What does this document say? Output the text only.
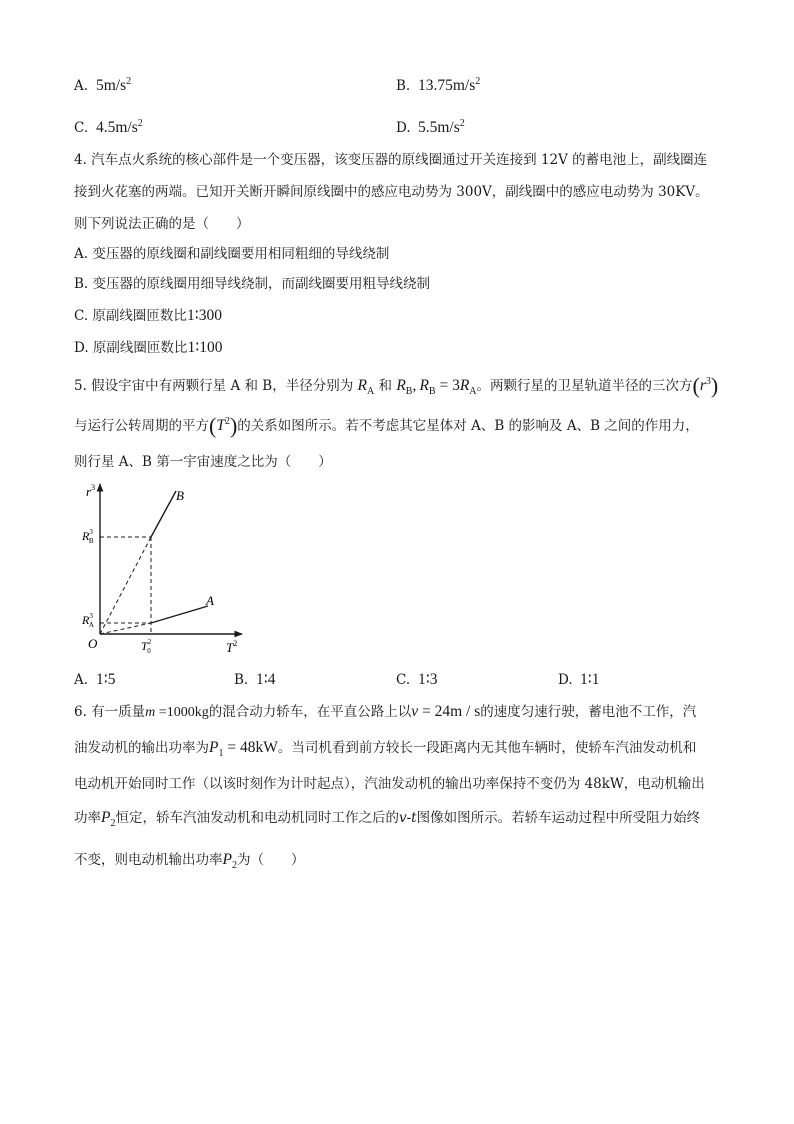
A. $5m/s^2$	B. $13.75m/s^2$
C. $4.5m/s^2$	D. $5.5m/s^2$
4. 汽车点火系统的核心部件是一个变压器，该变压器的原线圈通过开关连接到 12V 的蓄电池上，副线圈连
接到火花塞的两端。已知开关断开瞬间原线圈中的感应电动势为 300V，副线圈中的感应电动势为 30KV。
则下列说法正确的是（　　）
A. 变压器的原线圈和副线圈要用相同粗细的导线绕制
B. 变压器的原线圈用细导线绕制，而副线圈要用粗导线绕制
C. 原副线圈匝数比1∶300
D. 原副线圈匝数比1∶100
5. 假设宇宙中有两颗行星 A 和 B，半径分别为 $R_A$ 和 $R_B$, $R_B = 3R_A$。两颗行星的卫星轨道半径的三次方$(r^3)$
与运行公转周期的平方$(T^2)$的关系如图所示。若不考虑其它星体对 A、B 的影响及 A、B 之间的作用力，
则行星 A、B 第一宇宙速度之比为（　　）
$r^3$
$T^2$
O
B
A
$R^3$ B
$R^3$ A
$T^2$ 0
A. 1∶5	B. 1∶4	C. 1∶3	D. 1∶1
6. 有一质量m =1000kg的混合动力轿车，在平直公路上以v = 24m / s的速度匀速行驶，蓄电池不工作，汽
油发动机的输出功率为$P_1 = 48kW$。当司机看到前方较长一段距离内无其他车辆时，使轿车汽油发动机和
电动机开始同时工作（以该时刻作为计时起点），汽油发动机的输出功率保持不变仍为 48kW，电动机输出
功率$P_2$恒定，轿车汽油发动机和电动机同时工作之后的v-t图像如图所示。若轿车运动过程中所受阻力始终
不变，则电动机输出功率$P_2$为（　　）
